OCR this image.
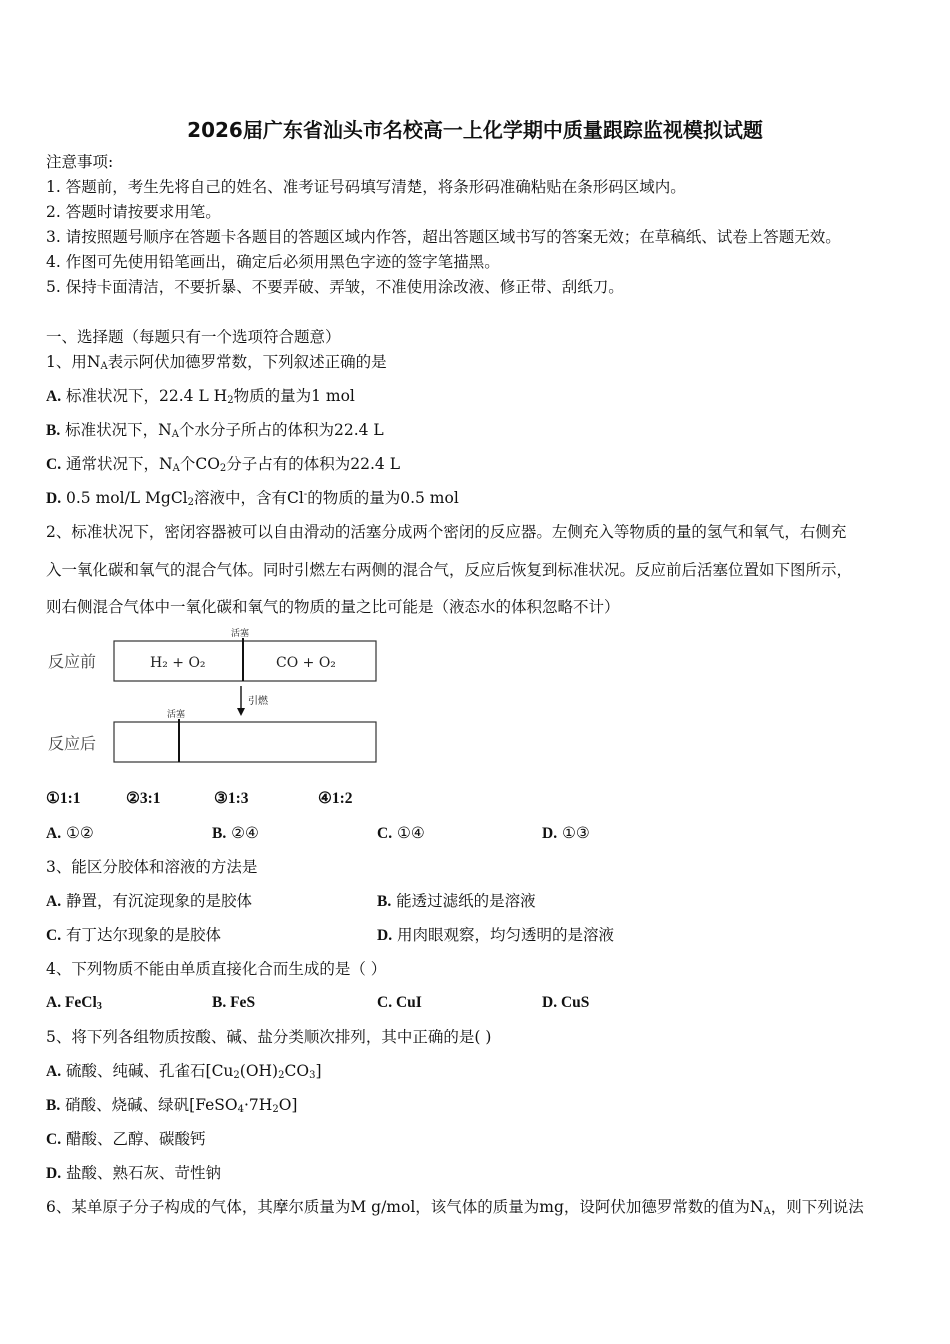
2026届广东省汕头市名校高一上化学期中质量跟踪监视模拟试题
注意事项:
1. 答题前，考生先将自己的姓名、准考证号码填写清楚，将条形码准确粘贴在条形码区域内。
2. 答题时请按要求用笔。
3. 请按照题号顺序在答题卡各题目的答题区域内作答，超出答题区域书写的答案无效；在草稿纸、试卷上答题无效。
4. 作图可先使用铅笔画出，确定后必须用黑色字迹的签字笔描黑。
5. 保持卡面清洁，不要折暴、不要弄破、弄皱，不准使用涂改液、修正带、刮纸刀。
一、选择题（每题只有一个选项符合题意）
1、用$N_A$表示阿伏加德罗常数，下列叙述正确的是
A. 标准状况下，22.4 L $H_2$物质的量为1 mol
B. 标准状况下，$N_A$个水分子所占的体积为22.4 L
C. 通常状况下，$N_A$个$CO_2$分子占有的体积为22.4 L
D. 0.5 mol/L MgCl$_2$溶液中，含有Cl-的物质的量为0.5 mol
2、标准状况下，密闭容器被可以自由滑动的活塞分成两个密闭的反应器。左侧充入等物质的量的氢气和氧气，右侧充
入一氧化碳和氧气的混合气体。同时引燃左右两侧的混合气，反应后恢复到标准状况。反应前后活塞位置如下图所示，
则右侧混合气体中一氧化碳和氧气的物质的量之比可能是（液态水的体积忽略不计）
反应前
活塞
H₂ + O₂	CO + O₂
引燃
活塞
反应后
①1:1	②3:1	③1:3	④1:2
A. ①②	B. ②④	C. ①④	D. ①③
3、能区分胶体和溶液的方法是
A. 静置，有沉淀现象的是胶体	B. 能透过滤纸的是溶液
C. 有丁达尔现象的是胶体	D. 用肉眼观察，均匀透明的是溶液
4、下列物质不能由单质直接化合而生成的是（ ）
A. FeCl$_3$	B. FeS	C. CuI	D. CuS
5、将下列各组物质按酸、碱、盐分类顺次排列，其中正确的是( )
A. 硫酸、纯碱、孔雀石$[Cu_2(OH)_2CO_3]$
B. 硝酸、烧碱、绿矾$[FeSO_4\cdot 7H_2O]$
C. 醋酸、乙醇、碳酸钙
D. 盐酸、熟石灰、苛性钠
6、某单原子分子构成的气体，其摩尔质量为M g/mol，该气体的质量为mg，设阿伏加德罗常数的值为$N_A$，则下列说法
